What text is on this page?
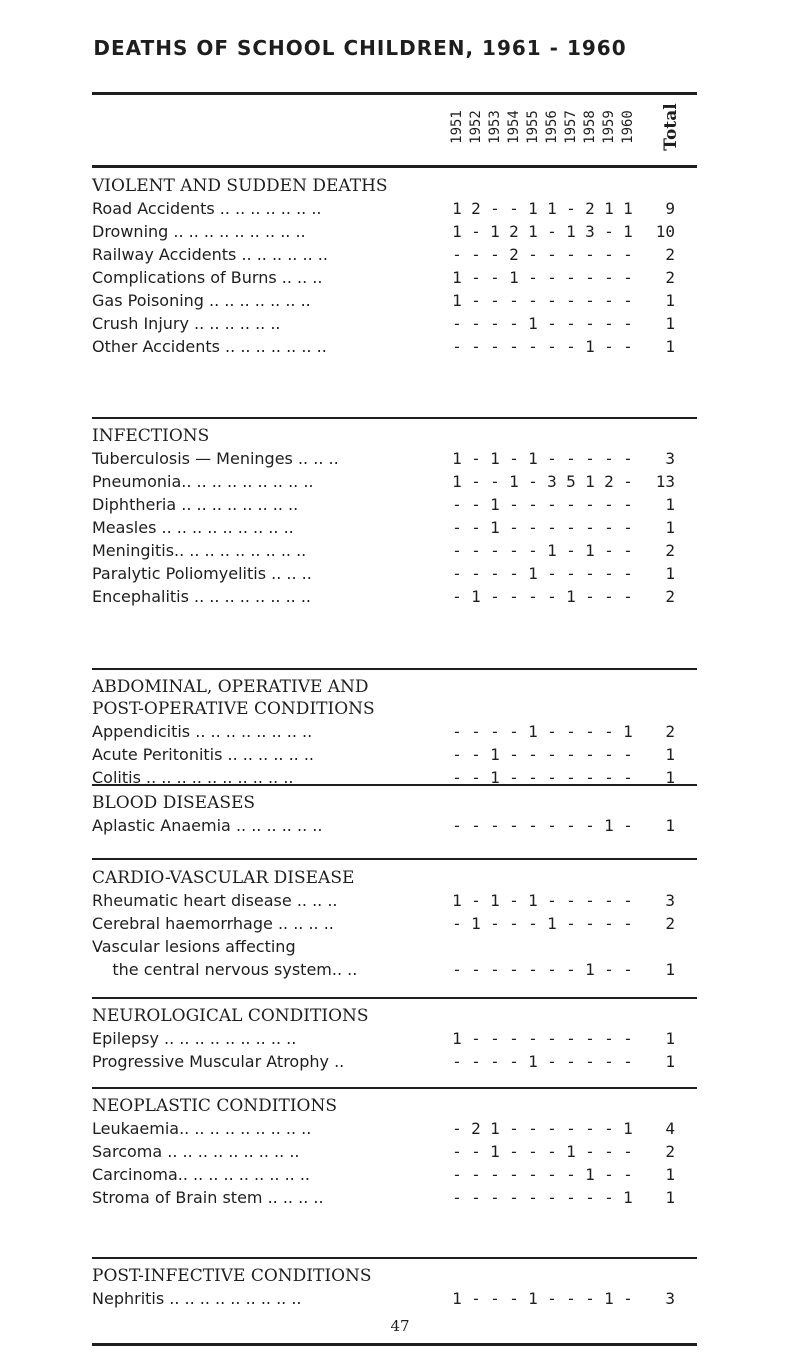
DEATHS OF SCHOOL CHILDREN, 1961 - 1960
1951 1952 1953 1954 1955 1956 1957 1958 1959 1960 Total
VIOLENT AND SUDDEN DEATHS
Road Accidents .. .. .. .. .. .. ..	1 2 - - 1 1 - 2 1 1	9
Drowning .. .. .. .. .. .. .. .. ..	1 - 1 2 1 - 1 3 - 1	10
Railway Accidents .. .. .. .. .. ..	- - - 2 - - - - - -	2
Complications of Burns .. .. ..	1 - - 1 - - - - - -	2
Gas Poisoning .. .. .. .. .. .. ..	1 - - - - - - - - -	1
Crush Injury .. .. .. .. .. ..	- - - - 1 - - - - -	1
Other Accidents .. .. .. .. .. .. ..	- - - - - - - 1 - -	1
INFECTIONS
Tuberculosis — Meninges .. .. ..	1 - 1 - 1 - - - - -	3
Pneumonia.. .. .. .. .. .. .. .. ..	1 - - 1 - 3 5 1 2 -	13
Diphtheria .. .. .. .. .. .. .. ..	- - 1 - - - - - - -	1
Measles .. .. .. .. .. .. .. .. ..	- - 1 - - - - - - -	1
Meningitis.. .. .. .. .. .. .. .. ..	- - - - - 1 - 1 - -	2
Paralytic Poliomyelitis .. .. ..	- - - - 1 - - - - -	1
Encephalitis .. .. .. .. .. .. .. ..	- 1 - - - - 1 - - -	2
ABDOMINAL, OPERATIVE AND
POST-OPERATIVE CONDITIONS
Appendicitis .. .. .. .. .. .. .. ..	- - - - 1 - - - - 1	2
Acute Peritonitis .. .. .. .. .. ..	- - 1 - - - - - - -	1
Colitis .. .. .. .. .. .. .. .. .. ..	- - 1 - - - - - - -	1
BLOOD DISEASES
Aplastic Anaemia .. .. .. .. .. ..	- - - - - - - - 1 -	1
CARDIO-VASCULAR DISEASE
Rheumatic heart disease .. .. ..	1 - 1 - 1 - - - - -	3
Cerebral haemorrhage .. .. .. ..	- 1 - - - 1 - - - -	2
Vascular lesions affecting
the central nervous system.. ..	- - - - - - - 1 - -	1
NEUROLOGICAL CONDITIONS
Epilepsy .. .. .. .. .. .. .. .. ..	1 - - - - - - - - -	1
Progressive Muscular Atrophy ..	- - - - 1 - - - - -	1
NEOPLASTIC CONDITIONS
Leukaemia.. .. .. .. .. .. .. .. ..	- 2 1 - - - - - - 1	4
Sarcoma .. .. .. .. .. .. .. .. ..	- - 1 - - - 1 - - -	2
Carcinoma.. .. .. .. .. .. .. .. ..	- - - - - - - 1 - -	1
Stroma of Brain stem .. .. .. ..	- - - - - - - - - 1	1
POST-INFECTIVE CONDITIONS
Nephritis .. .. .. .. .. .. .. .. ..	1 - - - 1 - - - 1 -	3
47
